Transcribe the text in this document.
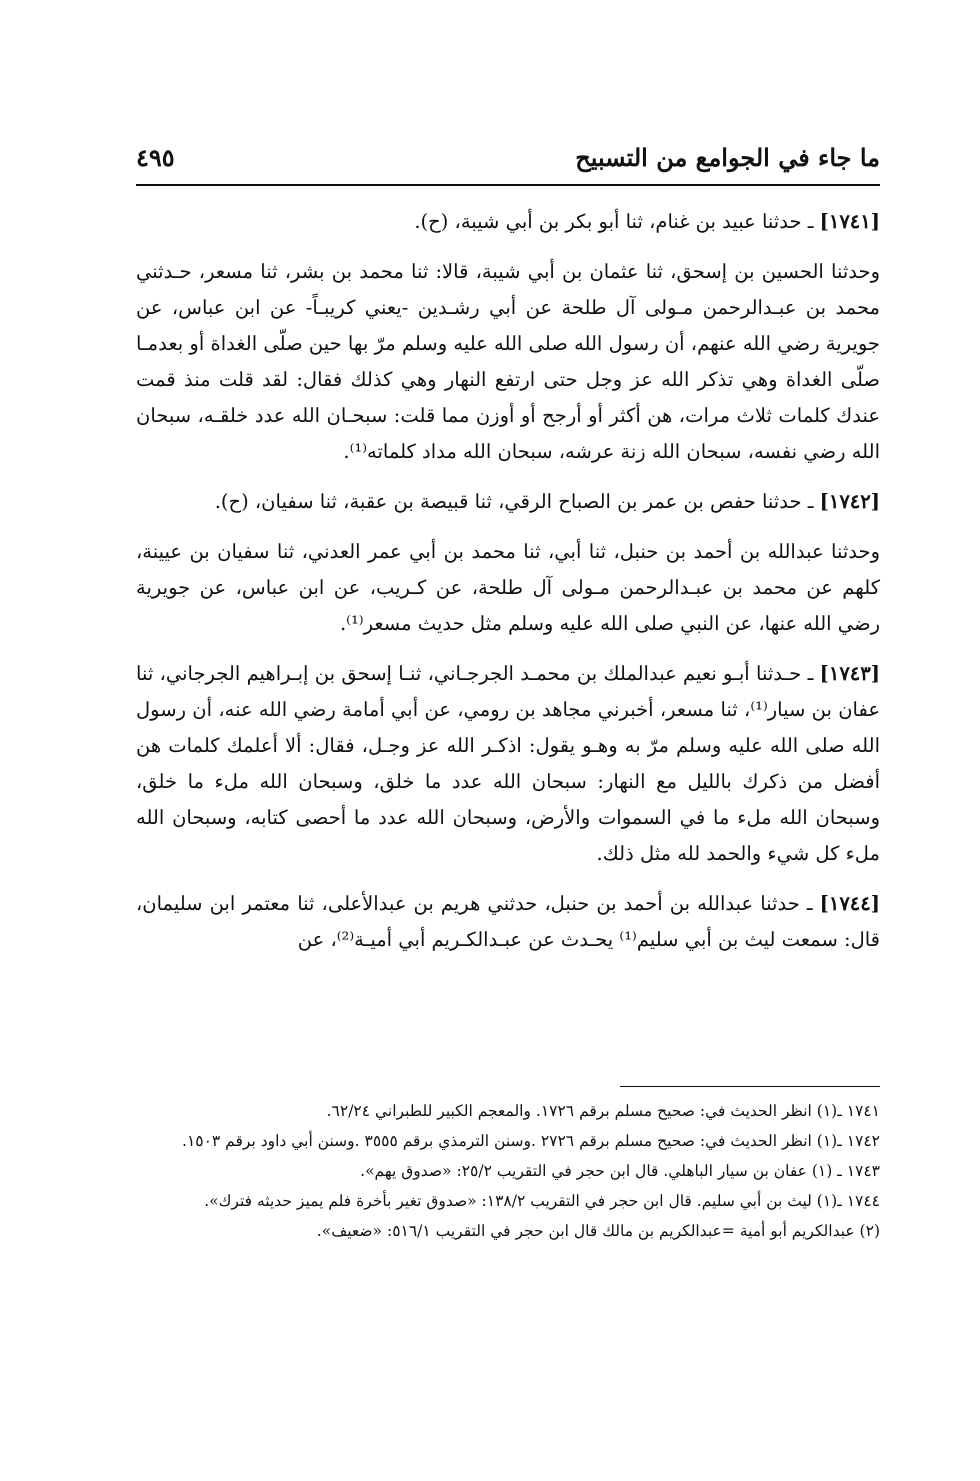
ما جاء في الجوامع من التسبيح
٤٩٥

[١٧٤١] ـ حدثنا عبيد بن غنام، ثنا أبو بكر بن أبي شيبة، (ح).

وحدثنا الحسين بن إسحق، ثنا عثمان بن أبي شيبة، قالا: ثنا محمد بن بشر، ثنا مسعر، حـدثني محمد بن عبـدالرحمن مـولى آل طلحة عن أبي رشـدين -يعني كريبـاً- عن ابن عباس، عن جويرية رضي الله عنهم، أن رسول الله صلى الله عليه وسلم مرّ بها حين صلّى الغداة أو بعدمـا صلّى الغداة وهي تذكر الله عز وجل حتى ارتفع النهار وهي كذلك فقال: لقد قلت منذ قمت عندك كلمات ثلاث مرات، هن أكثر أو أرجح أو أوزن مما قلت: سبحـان الله عدد خلقـه، سبحان الله رضي نفسه، سبحان الله زنة عرشه، سبحان الله مداد كلماته⁽¹⁾.

[١٧٤٢] ـ حدثنا حفص بن عمر بن الصباح الرقي، ثنا قبيصة بن عقبة، ثنا سفيان، (ح).

وحدثنا عبدالله بن أحمد بن حنبل، ثنا أبي، ثنا محمد بن أبي عمر العدني، ثنا سفيان بن عيينة، كلهم عن محمد بن عبـدالرحمن مـولى آل طلحة، عن كـريب، عن ابن عباس، عن جويرية رضي الله عنها، عن النبي صلى الله عليه وسلم مثل حديث مسعر⁽¹⁾.

[١٧٤٣] ـ حـدثنا أبـو نعيم عبدالملك بن محمـد الجرجـاني، ثنـا إسحق بن إبـراهيم الجرجاني، ثنا عفان بن سيار⁽¹⁾، ثنا مسعر، أخبرني مجاهد بن رومي، عن أبي أمامة رضي الله عنه، أن رسول الله صلى الله عليه وسلم مرّ به وهـو يقول: اذكـر الله عز وجـل، فقال: ألا أعلمك كلمات هن أفضل من ذكرك بالليل مع النهار: سبحان الله عدد ما خلق، وسبحان الله ملء ما خلق، وسبحان الله ملء ما في السموات والأرض، وسبحان الله عدد ما أحصى كتابه، وسبحان الله ملء كل شيء والحمد لله مثل ذلك.

[١٧٤٤] ـ حدثنا عبدالله بن أحمد بن حنبل، حدثني هريم بن عبدالأعلى، ثنا معتمر ابن سليمان، قال: سمعت ليث بن أبي سليم⁽¹⁾ يحـدث عن عبـدالكـريم أبي أميـة⁽²⁾، عن

١٧٤١ ـ(١) انظر الحديث في: صحيح مسلم برقم ١٧٢٦. والمعجم الكبير للطبراني ٦٢/٢٤.

١٧٤٢ ـ(١) انظر الحديث في: صحيح مسلم برقم ٢٧٢٦ .وسنن الترمذي برقم ٣٥٥٥ .وسنن أبي داود برقم ١٥٠٣.

١٧٤٣ ـ (١) عفان بن سيار الباهلي. قال ابن حجر في التقريب ٢٥/٢: «صدوق يهم».

١٧٤٤ ـ(١) ليث بن أبي سليم. قال ابن حجر في التقريب ١٣٨/٢: «صدوق تغير بأخرة فلم يميز حديثه فترك».

(٢) عبدالكريم أبو أمية =عبدالكريم بن مالك قال ابن حجر في التقريب ٥١٦/١: «ضعيف».
